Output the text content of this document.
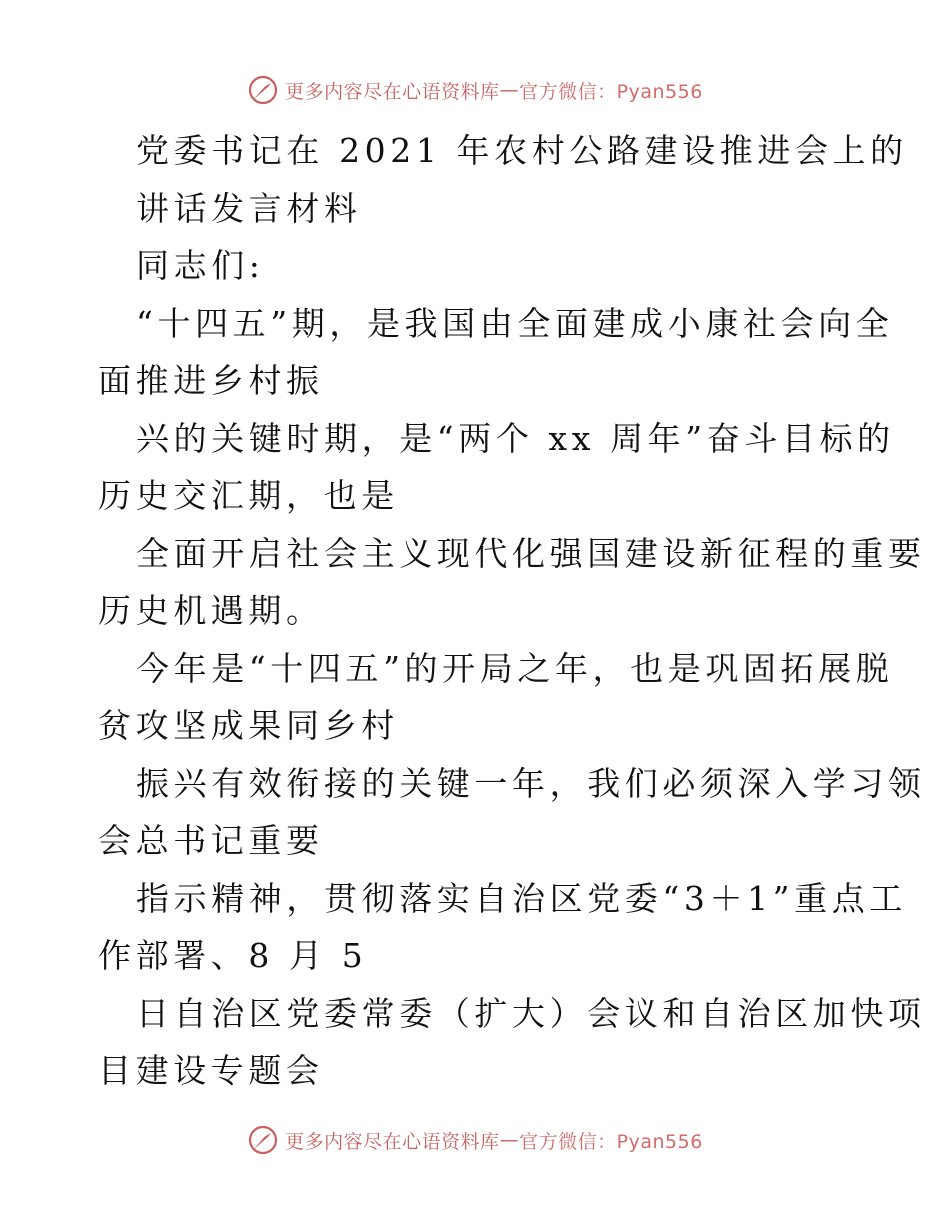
更多内容尽在心语资料库 — 官方微信：Pyan556
党委书记在 2021 年农村公路建设推进会上的
讲话发言材料
同志们:
“十四五”期，是我国由全面建成小康社会向全
面推进乡村振
兴的关键时期，是“两个 xx 周年”奋斗目标的
历史交汇期，也是
全面开启社会主义现代化强国建设新征程的重要
历史机遇期。
今年是“十四五”的开局之年，也是巩固拓展脱
贫攻坚成果同乡村
振兴有效衔接的关键一年，我们必须深入学习领
会总书记重要
指示精神，贯彻落实自治区党委“3＋1”重点工
作部署、8 月 5
日自治区党委常委（扩大）会议和自治区加快项
目建设专题会
更多内容尽在心语资料库 — 官方微信：Pyan556
